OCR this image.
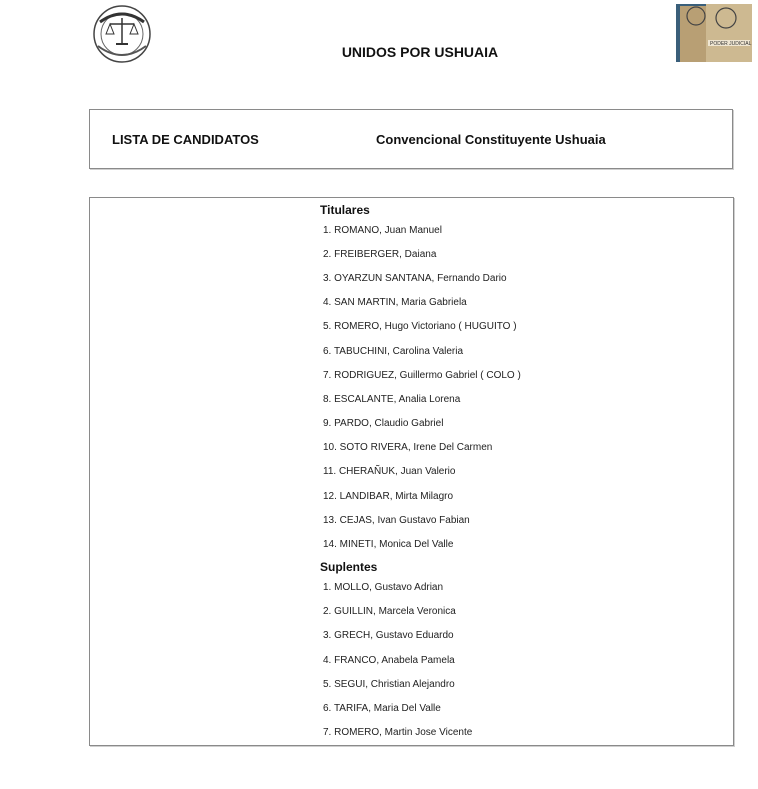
PODER JUDICIAL
UNIDOS POR USHUAIA
LISTA DE CANDIDATOS	Convencional Constituyente Ushuaia
Titulares
1. ROMANO, Juan Manuel
2. FREIBERGER, Daiana
3. OYARZUN SANTANA, Fernando Dario
4. SAN MARTIN, Maria Gabriela
5. ROMERO, Hugo Victoriano ( HUGUITO )
6. TABUCHINI, Carolina Valeria
7. RODRIGUEZ, Guillermo Gabriel ( COLO )
8. ESCALANTE, Analia Lorena
9. PARDO, Claudio Gabriel
10. SOTO RIVERA, Irene Del Carmen
11. CHERAÑUK, Juan Valerio
12. LANDIBAR, Mirta Milagro
13. CEJAS, Ivan Gustavo Fabian
14. MINETI, Monica Del Valle
Suplentes
1. MOLLO, Gustavo Adrian
2. GUILLIN, Marcela Veronica
3. GRECH, Gustavo Eduardo
4. FRANCO, Anabela Pamela
5. SEGUI, Christian Alejandro
6. TARIFA, Maria Del Valle
7. ROMERO, Martin Jose Vicente
